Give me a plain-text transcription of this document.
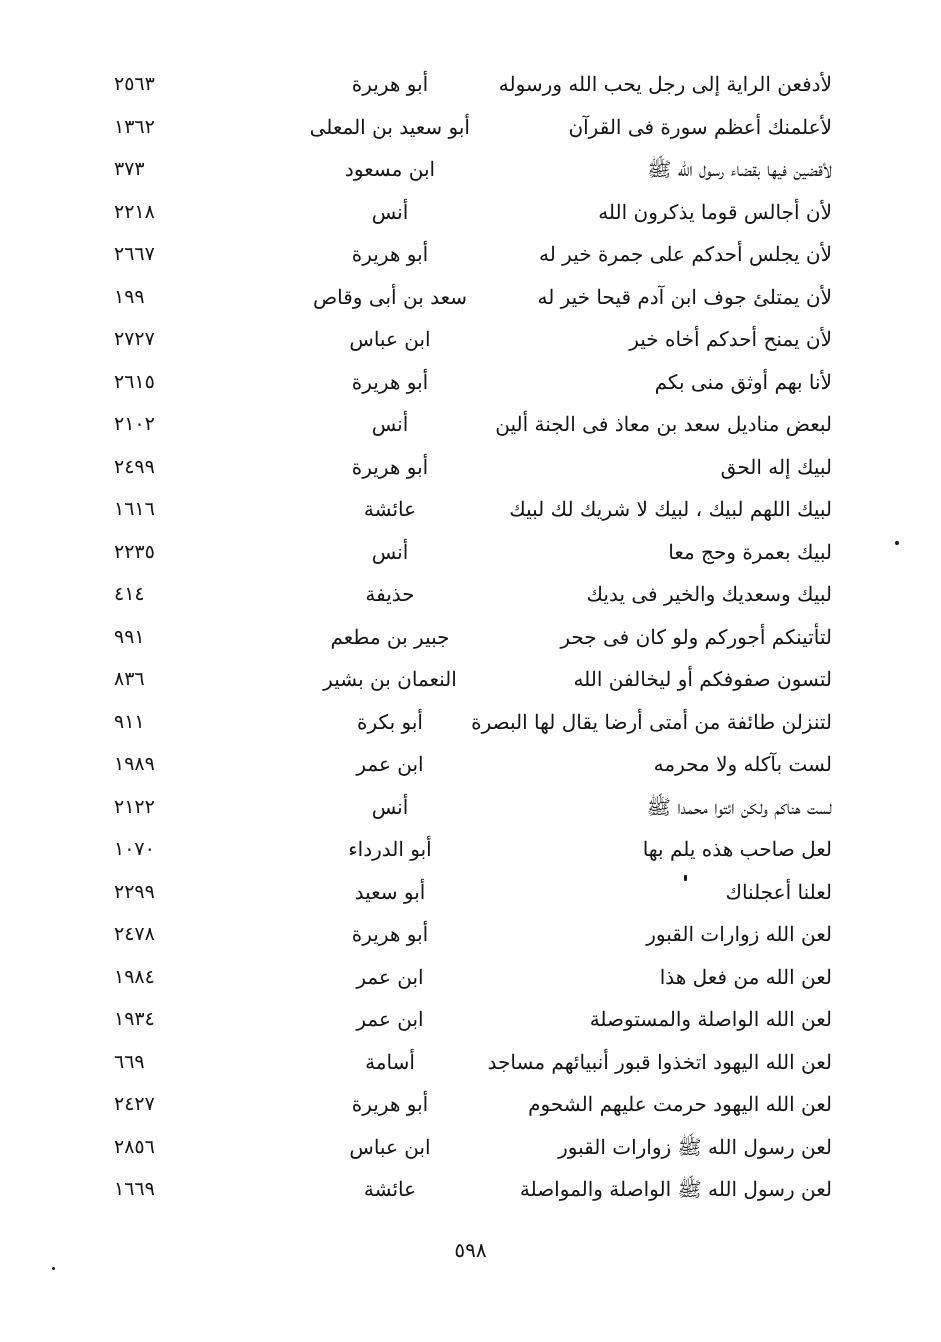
لأدفعن الراية إلى رجل يحب الله ورسوله
أبو هريرة
٢٥٦٣
لأعلمنك أعظم سورة فى القرآن
أبو سعيد بن المعلى
١٣٦٢
لأقضين فيها بقضاء رسول الله ﷺ
ابن مسعود
٣٧٣
لأن أجالس قوما يذكرون الله
أنس
٢٢١٨
لأن يجلس أحدكم على جمرة خير له
أبو هريرة
٢٦٦٧
لأن يمتلئ جوف ابن آدم قيحا خير له
سعد بن أبى وقاص
١٩٩
لأن يمنح أحدكم أخاه خير
ابن عباس
٢٧٢٧
لأنا بهم أوثق منى بكم
أبو هريرة
٢٦١٥
لبعض مناديل سعد بن معاذ فى الجنة ألين
أنس
٢١٠٢
لبيك إله الحق
أبو هريرة
٢٤٩٩
لبيك اللهم لبيك ، لبيك لا شريك لك لبيك
عائشة
١٦١٦
لبيك بعمرة وحج معا
أنس
٢٢٣٥
لبيك وسعديك والخير فى يديك
حذيفة
٤١٤
لتأتينكم أجوركم ولو كان فى جحر
جبير بن مطعم
٩٩١
لتسون صفوفكم أو ليخالفن الله
النعمان بن بشير
٨٣٦
لتنزلن طائفة من أمتى أرضا يقال لها البصرة
أبو بكرة
٩١١
لست بآكله ولا محرمه
ابن عمر
١٩٨٩
لست هناكم ولكن ائتوا محمدا ﷺ
أنس
٢١٢٢
لعل صاحب هذه يلم بها
أبو الدرداء
١٠٧٠
لعلنا أعجلناك
أبو سعيد
٢٢٩٩
لعن الله زوارات القبور
أبو هريرة
٢٤٧٨
لعن الله من فعل هذا
ابن عمر
١٩٨٤
لعن الله الواصلة والمستوصلة
ابن عمر
١٩٣٤
لعن الله اليهود اتخذوا قبور أنبيائهم مساجد
أسامة
٦٦٩
لعن الله اليهود حرمت عليهم الشحوم
أبو هريرة
٢٤٢٧
لعن رسول الله ﷺ زوارات القبور
ابن عباس
٢٨٥٦
لعن رسول الله ﷺ الواصلة والمواصلة
عائشة
١٦٦٩
٥٩٨
